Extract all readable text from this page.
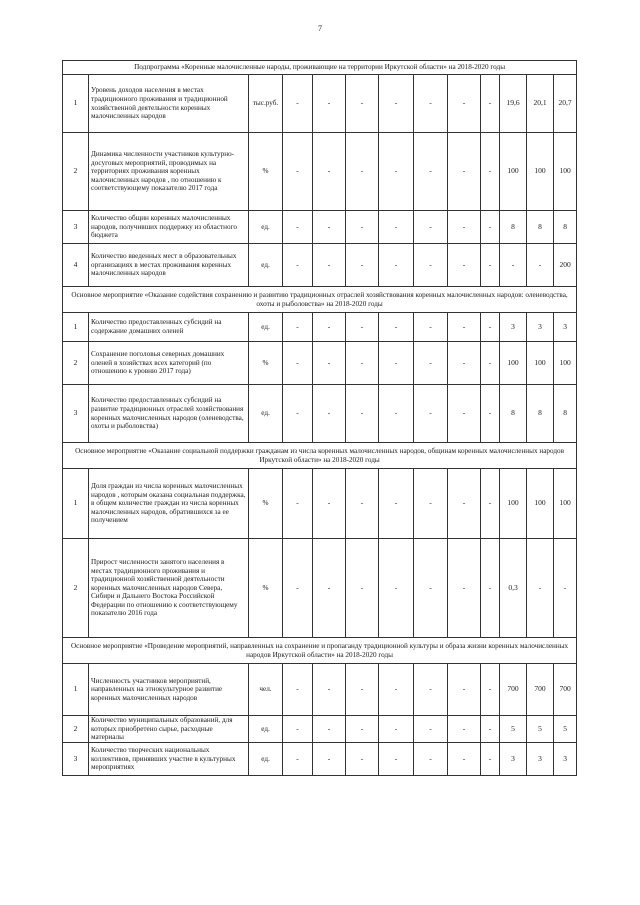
7
Подпрограмма «Коренные малочисленные народы, проживающие на территории Иркутской области» на 2018-2020 годы												
1	Уровень доходов населения в местах традиционного проживания и традиционной хозяйственной деятельности коренных малочисленных народов	тыс.руб.	-	-	-	-	-	-	-	19,6	20,1	20,7
2	Динамика численности участников культурно-досуговых мероприятий, проводимых на территориях проживания коренных малочисленных народов , по отношению к соответствующему показателю 2017 года	%	-	-	-	-	-	-	-	100	100	100
3	Количество общин коренных малочисленных народов, получивших поддержку из областного бюджета	ед.	-	-	-	-	-	-	-	8	8	8
4	Количество введенных мест в образовательных организациях в местах проживания коренных малочисленных народов	ед.	-	-	-	-	-	-	-	-	-	200
Основное мероприятие «Оказание содействия сохранению и развитию традиционных отраслей хозяйствования коренных малочисленных народов: оленеводства, охоты и рыболовства» на 2018-2020 годы												
1	Количество предоставленных субсидий на содержание домашних оленей	ед.	-	-	-	-	-	-	-	3	3	3
2	Сохранение поголовья северных домашних оленей в хозяйствах всех категорий (по отношению к уровню 2017 года)	%	-	-	-	-	-	-	-	100	100	100
3	Количество предоставленных субсидий на развитие традиционных отраслей хозяйствования коренных малочисленных народов (оленеводства, охоты и рыболовства)	ед.	-	-	-	-	-	-	-	8	8	8
Основное мероприятие «Оказание социальной поддержки гражданам из числа коренных малочисленных народов, общинам коренных малочисленных народов Иркутской области» на 2018-2020 годы												
1	Доля граждан из числа коренных малочисленных народов , которым оказана социальная поддержка, в общем количестве граждан из числа коренных малочисленных народов, обратившихся за ее получением	%	-	-	-	-	-	-	-	100	100	100
2	Прирост численности занятого населения в местах традиционного проживания и традиционной хозяйственной деятельности коренных малочисленных народов Севера, Сибири и Дальнего Востока Российской Федерации по отношению к соответствующему показателю 2016 года	%	-	-	-	-	-	-	-	0,3	-	-
Основное мероприятие «Проведение мероприятий, направленных на сохранение и пропаганду традиционной культуры и образа жизни коренных малочисленных народов Иркутской области» на 2018-2020 годы												
1	Численность участников мероприятий, направленных на этнокультурное развитие коренных малочисленных народов	чел.	-	-	-	-	-	-	-	700	700	700
2	Количество муниципальных образований, для которых приобретено сырье, расходные материалы	ед.	-	-	-	-	-	-	-	5	5	5
3	Количество творческих национальных коллективов, принявших участие в культурных мероприятиях	ед.	-	-	-	-	-	-	-	3	3	3
